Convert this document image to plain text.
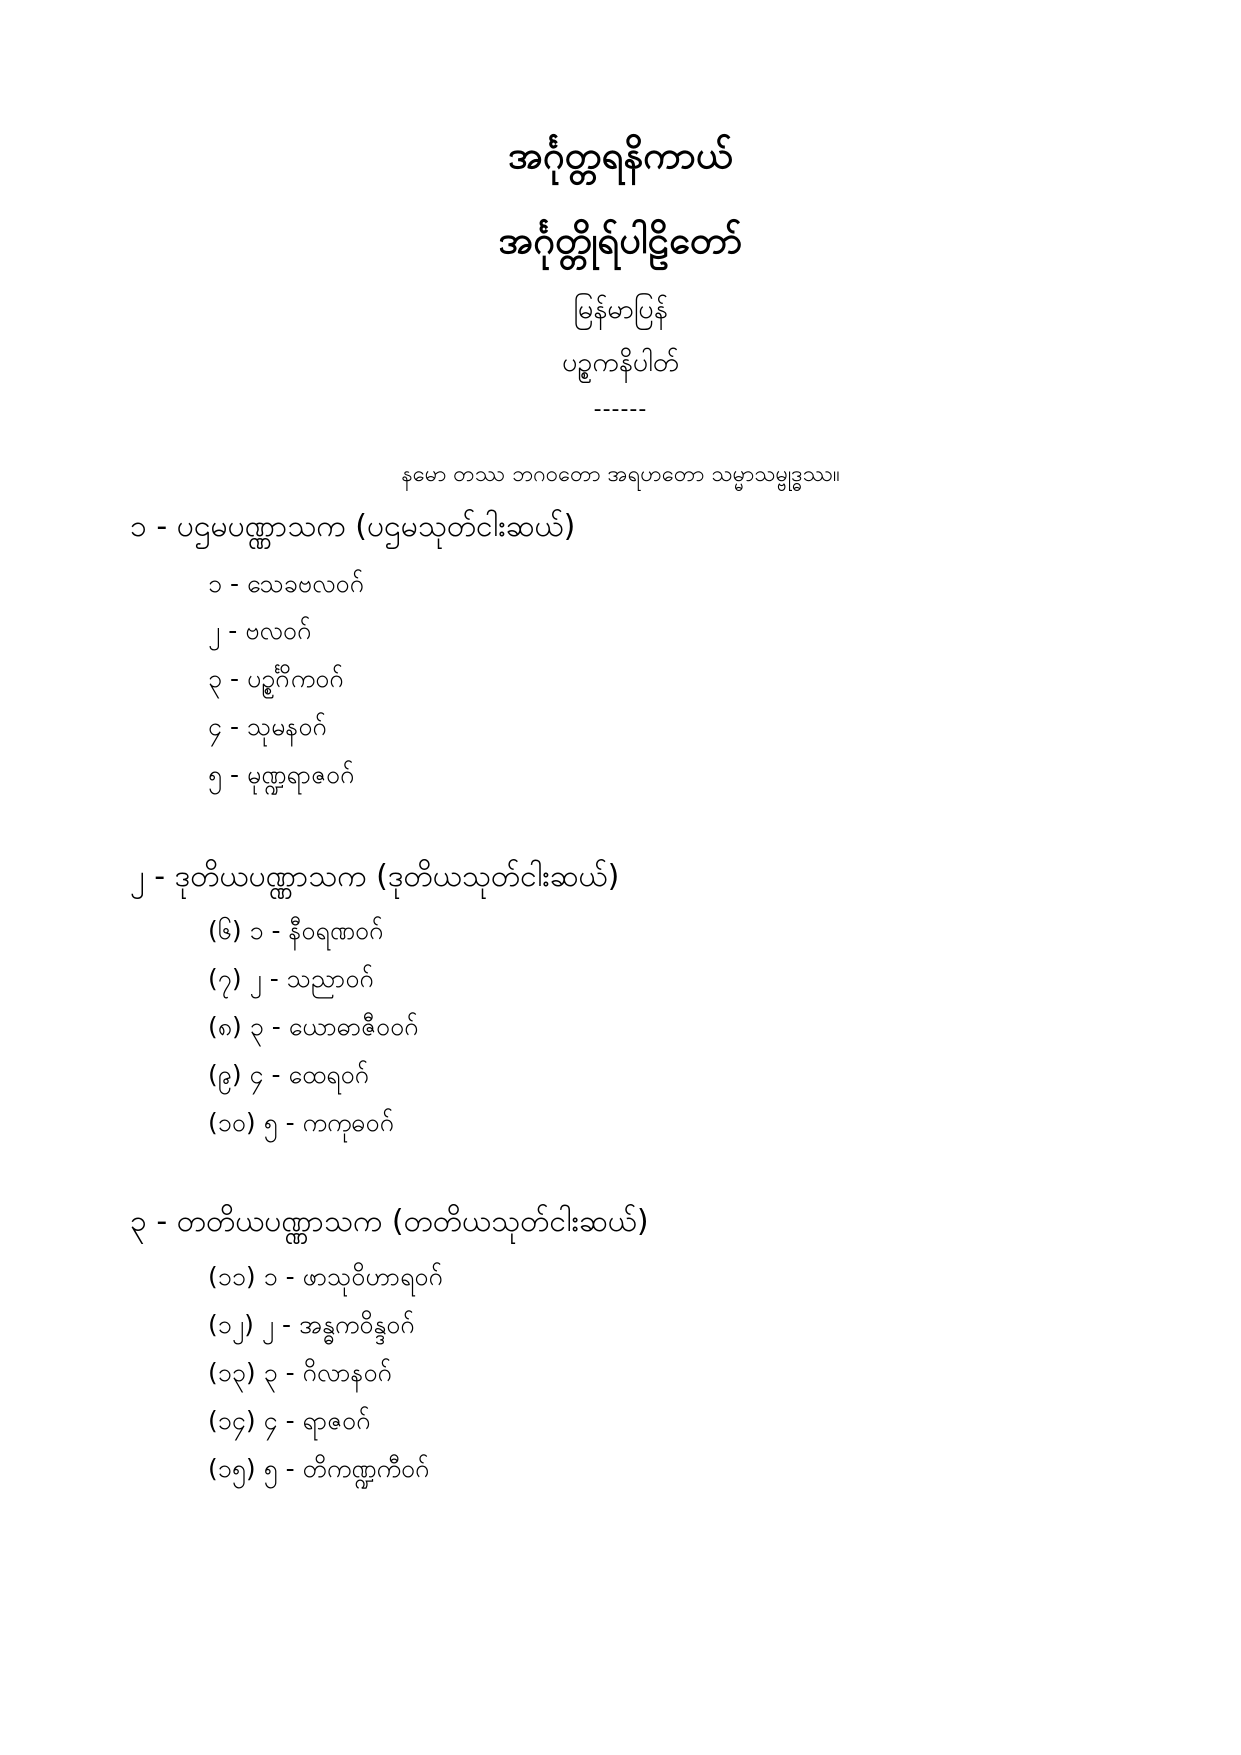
အင်္ဂုတ္တရနိကာယ်
အင်္ဂုတ္တိုရ်ပါဠိတော်
မြန်မာပြန်
ပဉ္စကနိပါတ်
------
နမော တဿ ဘဂဝတော အရဟတော သမ္မာသမ္ဗုဒ္ဓဿ။
၁ - ပဌမပဏ္ဏာသက (ပဌမသုတ်ငါးဆယ်)
၁ - သေခဗလဝဂ်
၂ - ဗလဝဂ်
၃ - ပဉ္စင်္ဂိကဝဂ်
၄ - သုမနဝဂ်
၅ - မုဏ္ဍရာဇဝဂ်
၂ - ဒုတိယပဏ္ဏာသက (ဒုတိယသုတ်ငါးဆယ်)
(၆) ၁ - နီဝရဏဝဂ်
(၇) ၂ - သညာဝဂ်
(၈) ၃ - ယောဓာဇီဝဝဂ်
(၉) ၄ - ထေရဝဂ်
(၁၀) ၅ - ကကုဓဝဂ်
၃ - တတိယပဏ္ဏာသက (တတိယသုတ်ငါးဆယ်)
(၁၁) ၁ - ဖာသုဝိဟာရဝဂ်
(၁၂) ၂ - အန္ဓကဝိန္ဒဝဂ်
(၁၃) ၃ - ဂိလာနဝဂ်
(၁၄) ၄ - ရာဇဝဂ်
(၁၅) ၅ - တိကဏ္ဍကီဝဂ်
